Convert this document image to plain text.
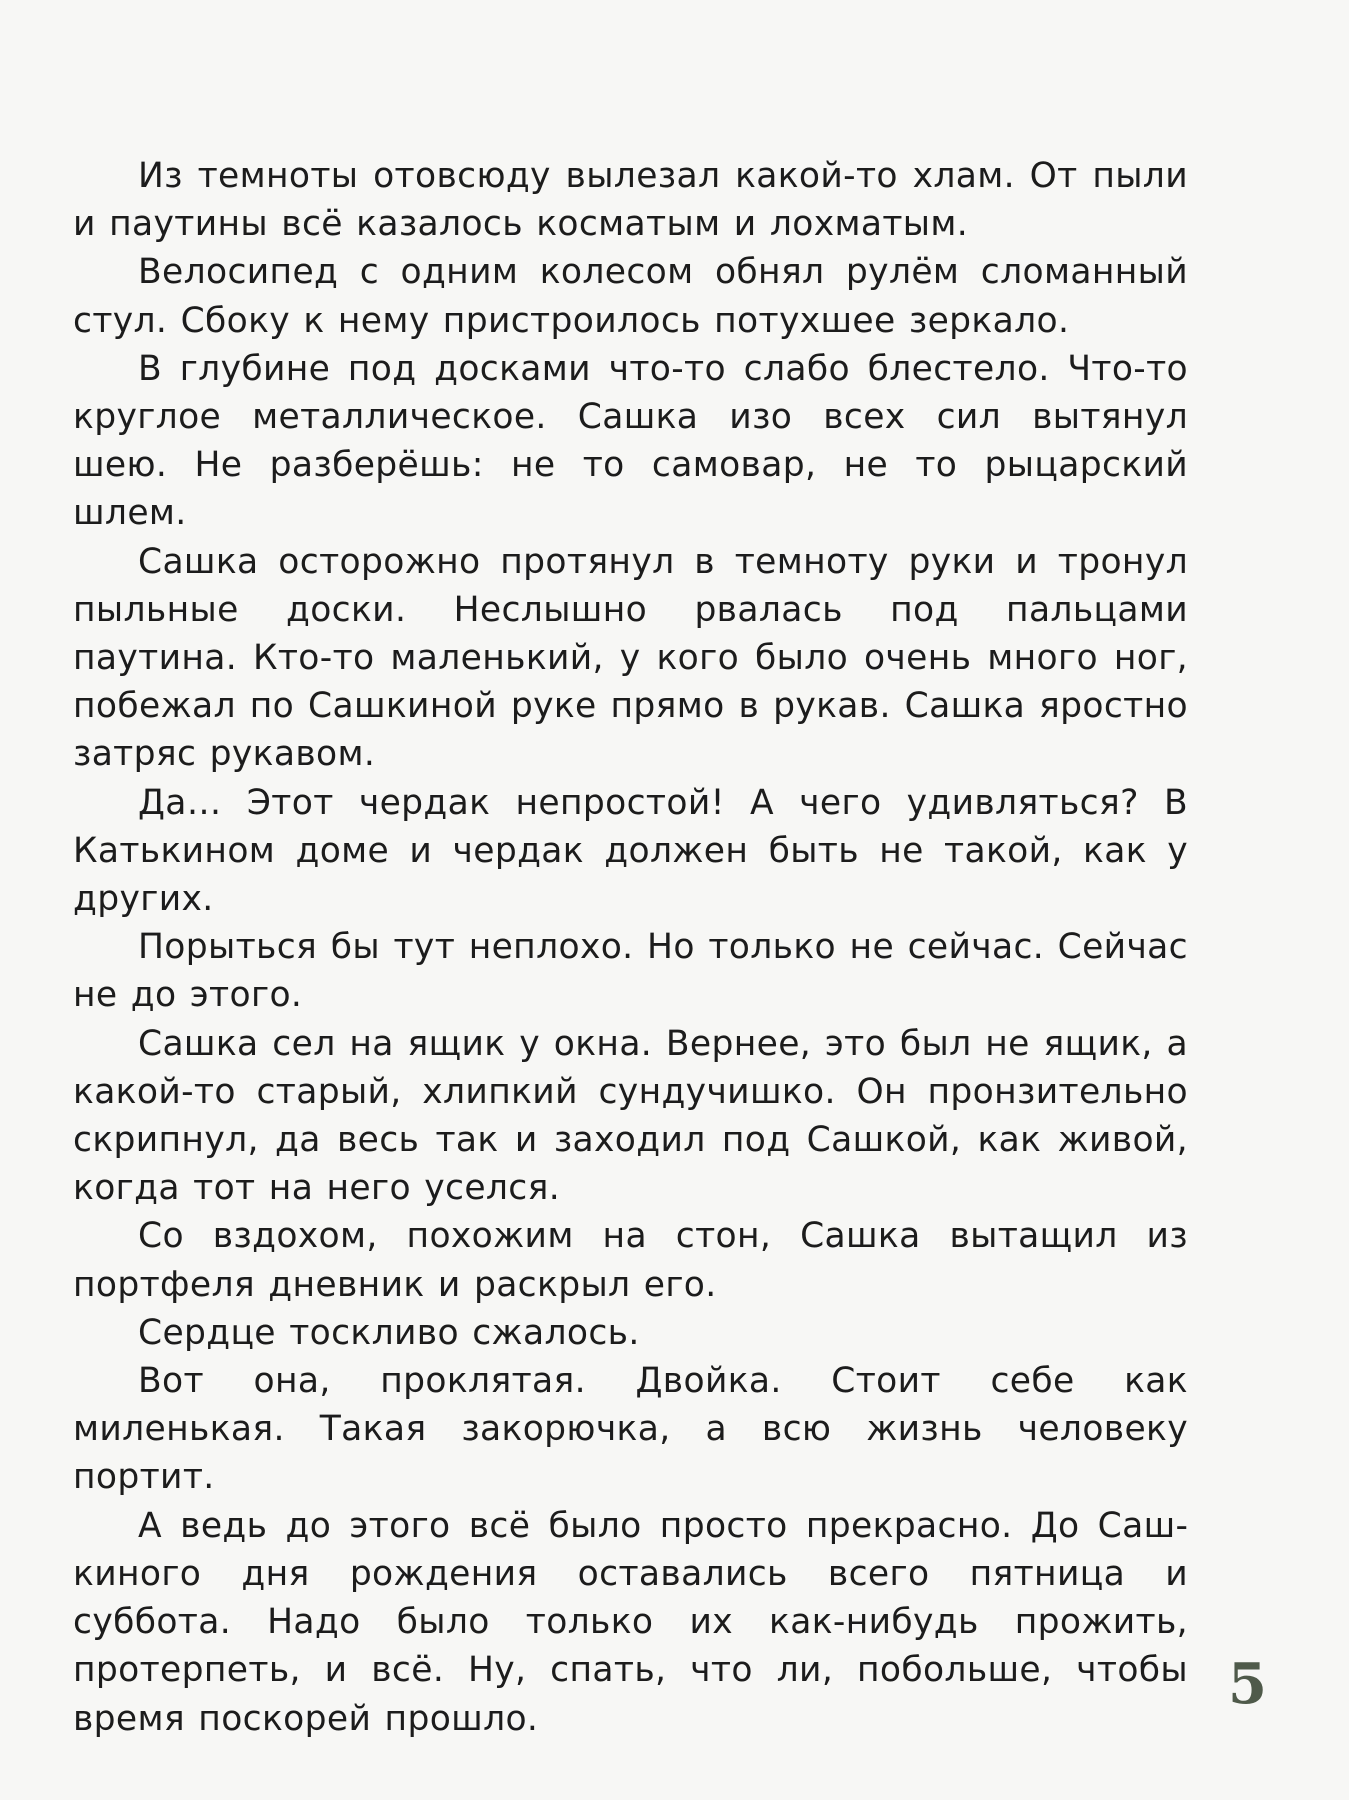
Из темноты отовсюду вылезал какой-то хлам. От пыли и паутины всё казалось косматым и лохматым.

Велосипед с одним колесом обнял рулём сломанный стул. Сбоку к нему пристроилось потухшее зеркало.

В глубине под досками что-то слабо блестело. Что-то круглое металлическое. Сашка изо всех сил вытянул шею. Не разберёшь: не то самовар, не то рыцарский шлем.

Сашка осторожно протянул в темноту руки и тронул пыльные доски. Неслышно рвалась под пальцами паутина. Кто-то маленький, у кого было очень много ног, побежал по Сашкиной руке прямо в рукав. Сашка яростно затряс рукавом.

Да… Этот чердак непростой! А чего удивляться? В Катькином доме и чердак должен быть не такой, как у других.

Порыться бы тут неплохо. Но только не сейчас. Сейчас не до этого.

Сашка сел на ящик у окна. Вернее, это был не ящик, а какой-то старый, хлипкий сундучишко. Он пронзительно скрипнул, да весь так и заходил под Сашкой, как живой, когда тот на него уселся.

Со вздохом, похожим на стон, Сашка вытащил из портфеля дневник и раскрыл его.

Сердце тоскливо сжалось.

Вот она, проклятая. Двойка. Стоит себе как миленькая. Такая закорючка, а всю жизнь человеку портит.

А ведь до этого всё было просто прекрасно. До Сашкиного дня рождения оставались всего пятница и суббота. Надо было только их как-нибудь прожить, протерпеть, и всё. Ну, спать, что ли, побольше, чтобы время поскорей прошло.

5
